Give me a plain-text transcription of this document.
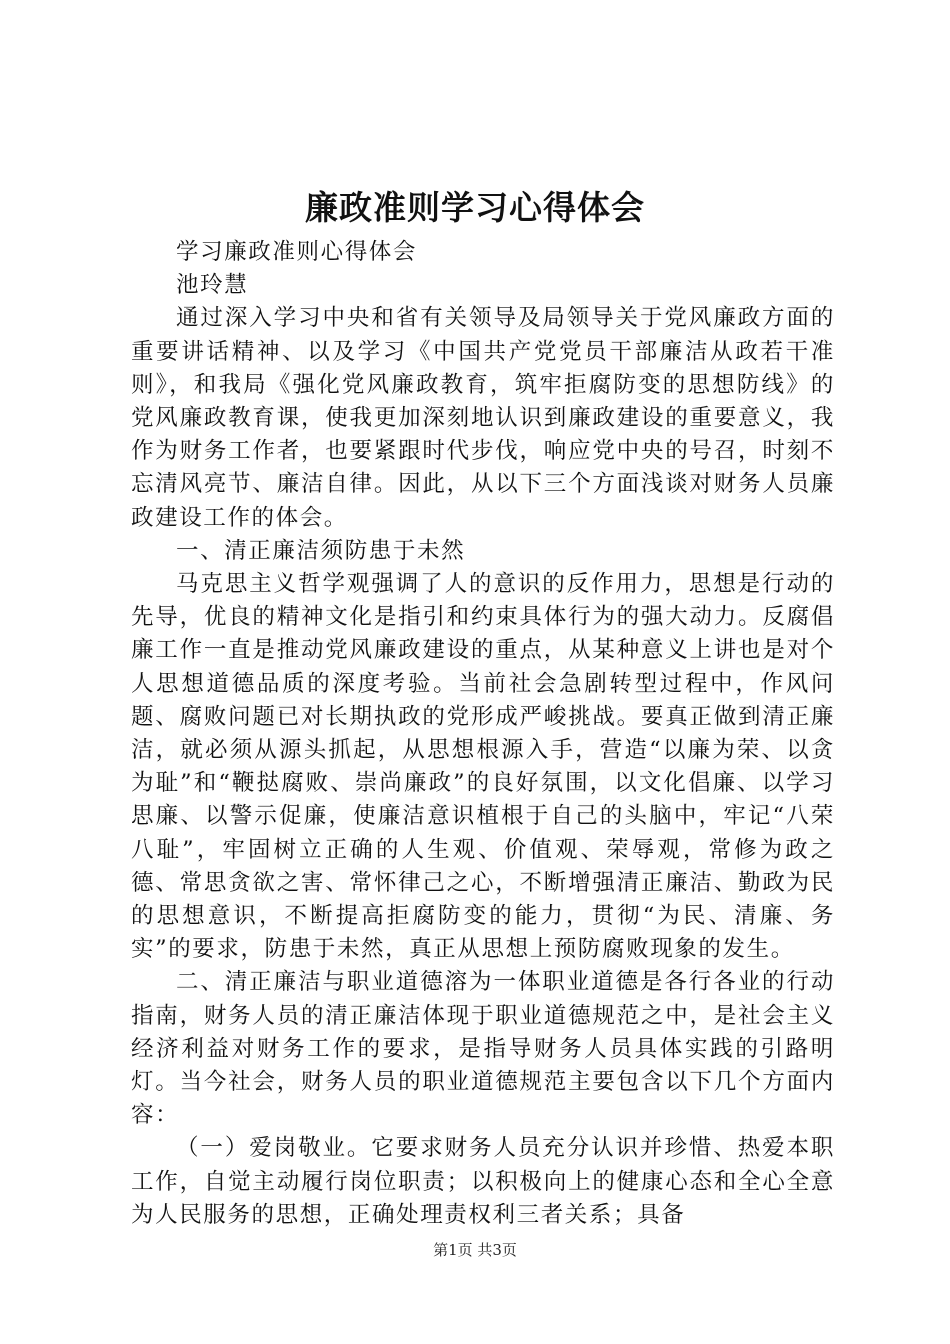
廉政准则学习心得体会

学习廉政准则心得体会

池玲慧

通过深入学习中央和省有关领导及局领导关于党风廉政方面的重要讲话精神、以及学习《中国共产党党员干部廉洁从政若干准则》，和我局《强化党风廉政教育，筑牢拒腐防变的思想防线》的党风廉政教育课，使我更加深刻地认识到廉政建设的重要意义，我作为财务工作者，也要紧跟时代步伐，响应党中央的号召，时刻不忘清风亮节、廉洁自律。因此，从以下三个方面浅谈对财务人员廉政建设工作的体会。

一、清正廉洁须防患于未然

马克思主义哲学观强调了人的意识的反作用力，思想是行动的先导，优良的精神文化是指引和约束具体行为的强大动力。反腐倡廉工作一直是推动党风廉政建设的重点，从某种意义上讲也是对个人思想道德品质的深度考验。当前社会急剧转型过程中，作风问题、腐败问题已对长期执政的党形成严峻挑战。要真正做到清正廉洁，就必须从源头抓起，从思想根源入手，营造“以廉为荣、以贪为耻”和“鞭挞腐败、崇尚廉政”的良好氛围，以文化倡廉、以学习思廉、以警示促廉，使廉洁意识植根于自己的头脑中，牢记“八荣八耻”，牢固树立正确的人生观、价值观、荣辱观，常修为政之德、常思贪欲之害、常怀律己之心，不断增强清正廉洁、勤政为民的思想意识，不断提高拒腐防变的能力，贯彻“为民、清廉、务实”的要求，防患于未然，真正从思想上预防腐败现象的发生。

二、清正廉洁与职业道德溶为一体职业道德是各行各业的行动指南，财务人员的清正廉洁体现于职业道德规范之中，是社会主义经济利益对财务工作的要求，是指导财务人员具体实践的引路明灯。当今社会，财务人员的职业道德规范主要包含以下几个方面内容：

（一）爱岗敬业。它要求财务人员充分认识并珍惜、热爱本职工作，自觉主动履行岗位职责；以积极向上的健康心态和全心全意为人民服务的思想，正确处理责权利三者关系；具备

第1页 共3页
